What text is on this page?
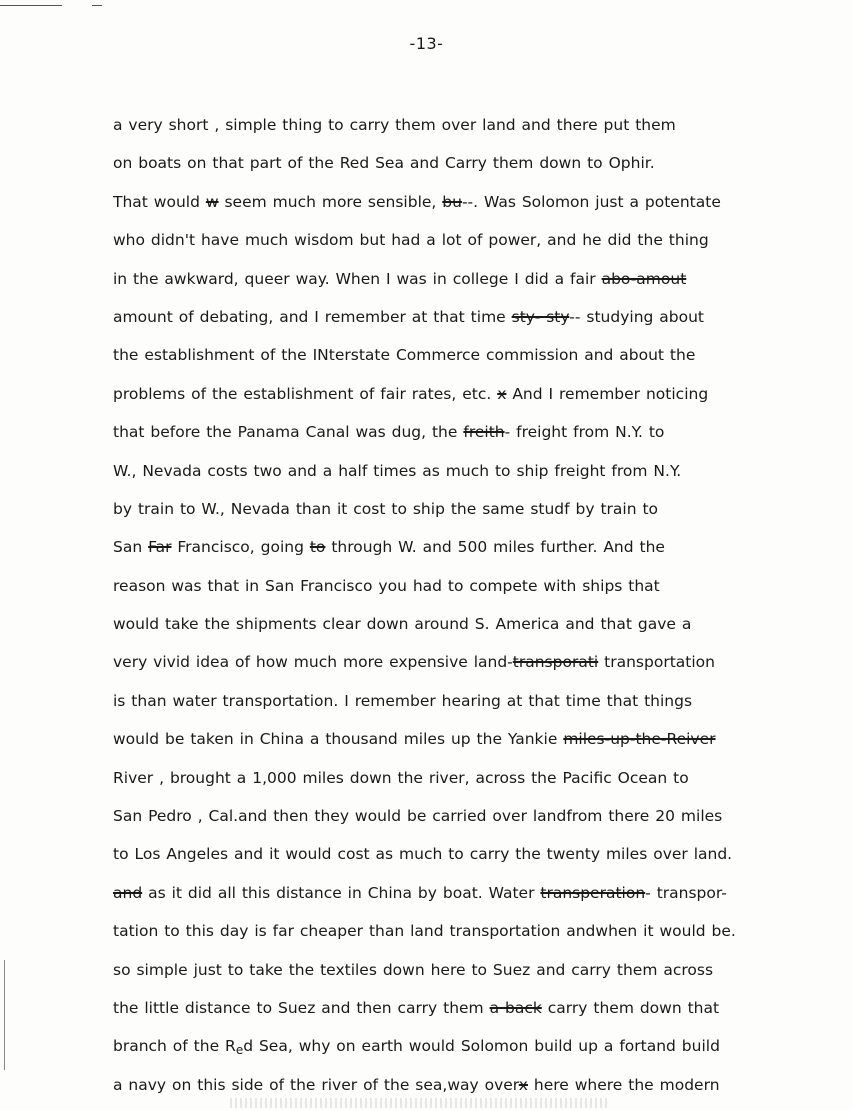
-13-
a very short , simple thing to carry them over land and there put them
on boats on that part of the Red Sea and Carry them down to Ophir.
That would w seem much more sensible, bu--. Was Solomon just a potentate
who didn't have much wisdom but had a lot of power, and he did the thing
in the awkward, queer way. When I was in college I did a fair abo-amout
amount of debating, and I remember at that time sty- sty-- studying about
the establishment of the INterstate Commerce commission and about the
problems of the establishment of fair rates, etc. x And I remember noticing
that before the Panama Canal was dug, the freith- freight from N.Y. to
W., Nevada costs two and a half times as much to ship freight from N.Y.
by train to W., Nevada than it cost to ship the same studf by train to
San Far Francisco, going to through W. and 500 miles further. And the
reason was that in San Francisco you had to compete with ships that
would take the shipments clear down around S. America and that gave a
very vivid idea of how much more expensive land-transporati transportation
is than water transportation. I remember hearing at that time that things
would be taken in China a thousand miles up the Yankie miles-up-the-Reiver
River , brought a 1,000 miles down the river, across the Pacific Ocean to
San Pedro , Cal.and then they would be carried over landfrom there 20 miles
to Los Angeles and it would cost as much to carry the twenty miles over land.
and as it did all this distance in China by boat. Water transperation- transpor-
tation to this day is far cheaper than land transportation andwhen it would be.
so simple just to take the textiles down here to Suez and carry them across
the little distance to Suez and then carry them a back carry them down that
branch of the $R_ed$ Sea, why on earth would Solomon build up a fortand build
a navy on this side of the river of the sea,way overx here where the modern
